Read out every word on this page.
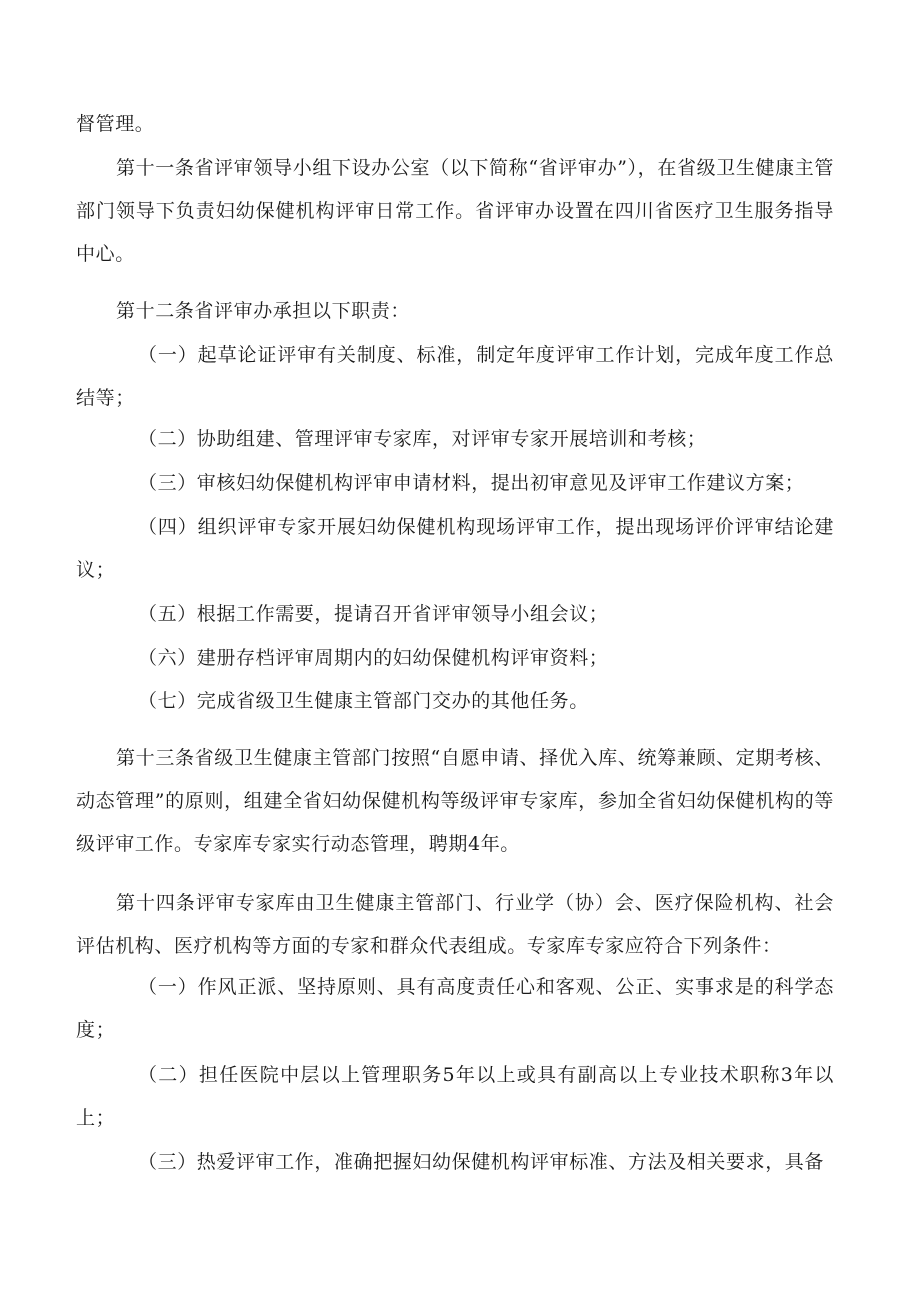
督管理。

第十一条省评审领导小组下设办公室（以下简称“省评审办”），在省级卫生健康主管部门领导下负责妇幼保健机构评审日常工作。省评审办设置在四川省医疗卫生服务指导中心。

第十二条省评审办承担以下职责：

（一）起草论证评审有关制度、标准，制定年度评审工作计划，完成年度工作总结等；

（二）协助组建、管理评审专家库，对评审专家开展培训和考核；

（三）审核妇幼保健机构评审申请材料，提出初审意见及评审工作建议方案；

（四）组织评审专家开展妇幼保健机构现场评审工作，提出现场评价评审结论建议；

（五）根据工作需要，提请召开省评审领导小组会议；

（六）建册存档评审周期内的妇幼保健机构评审资料；

（七）完成省级卫生健康主管部门交办的其他任务。

第十三条省级卫生健康主管部门按照“自愿申请、择优入库、统筹兼顾、定期考核、动态管理”的原则，组建全省妇幼保健机构等级评审专家库，参加全省妇幼保健机构的等级评审工作。专家库专家实行动态管理，聘期4年。

第十四条评审专家库由卫生健康主管部门、行业学（协）会、医疗保险机构、社会评估机构、医疗机构等方面的专家和群众代表组成。专家库专家应符合下列条件：

（一）作风正派、坚持原则、具有高度责任心和客观、公正、实事求是的科学态度；

（二）担任医院中层以上管理职务5年以上或具有副高以上专业技术职称3年以上；

（三）热爱评审工作，准确把握妇幼保健机构评审标准、方法及相关要求，具备
